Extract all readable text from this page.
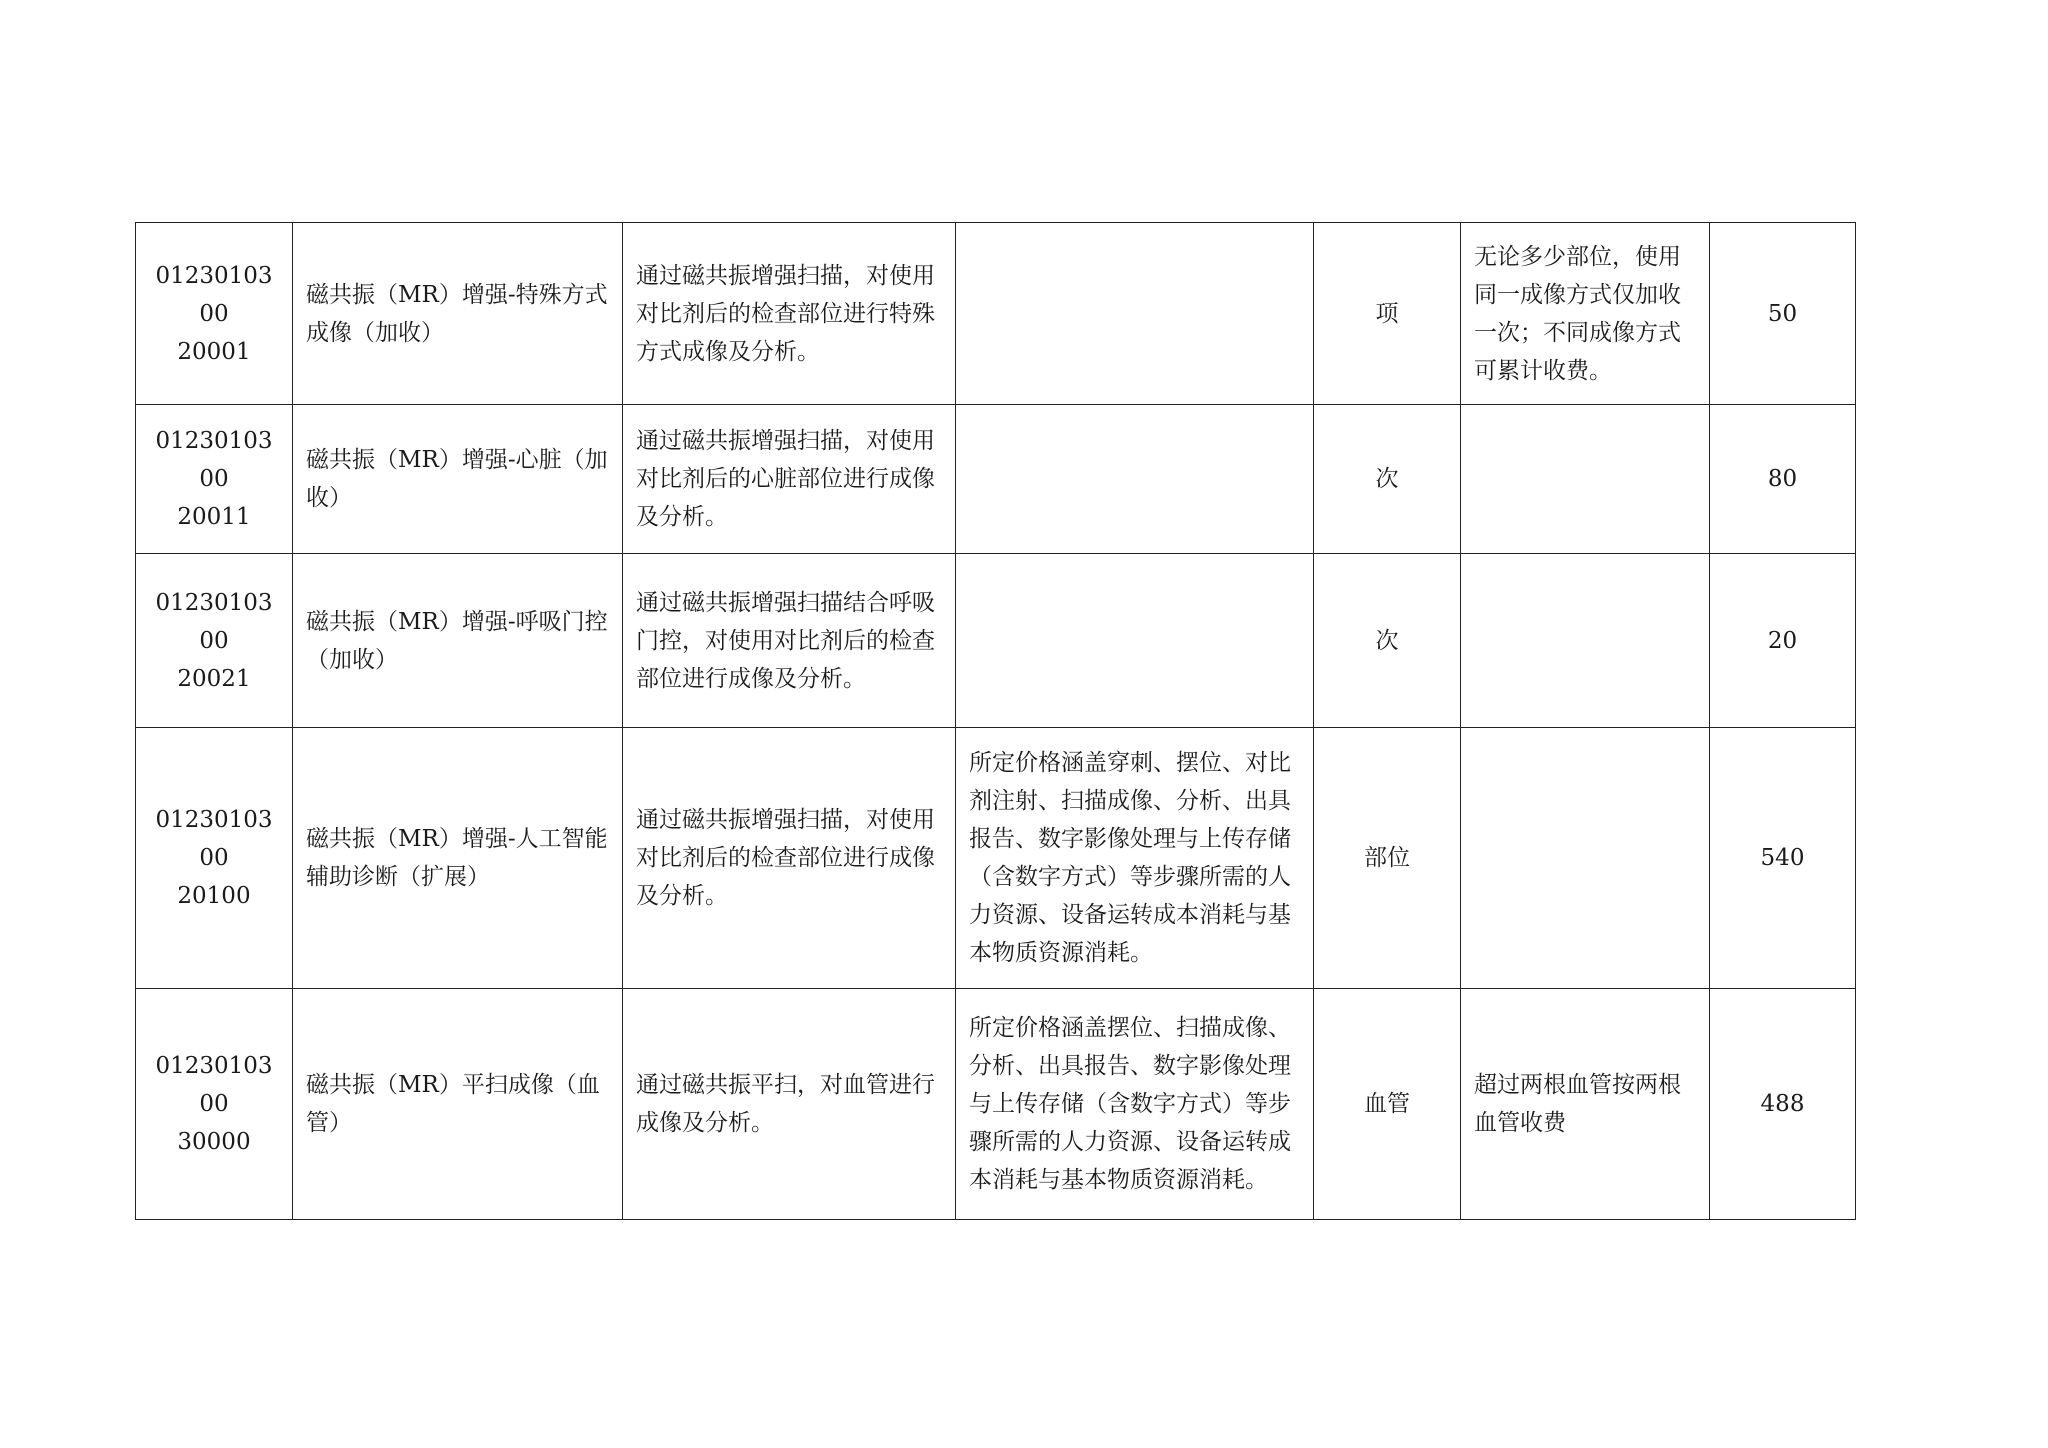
0123010300
20001	磁共振（MR）增强-特殊方式成像（加收）	通过磁共振增强扫描，对使用对比剂后的检查部位进行特殊方式成像及分析。		项	无论多少部位，使用同一成像方式仅加收一次；不同成像方式可累计收费。	50

0123010300
20011	磁共振（MR）增强-心脏（加收）	通过磁共振增强扫描，对使用对比剂后的心脏部位进行成像及分析。		次		80

0123010300
20021	磁共振（MR）增强-呼吸门控（加收）	通过磁共振增强扫描结合呼吸门控，对使用对比剂后的检查部位进行成像及分析。		次		20

0123010300
20100	磁共振（MR）增强-人工智能辅助诊断（扩展）	通过磁共振增强扫描，对使用对比剂后的检查部位进行成像及分析。	所定价格涵盖穿刺、摆位、对比剂注射、扫描成像、分析、出具报告、数字影像处理与上传存储（含数字方式）等步骤所需的人力资源、设备运转成本消耗与基本物质资源消耗。	部位		540

0123010300
30000	磁共振（MR）平扫成像（血管）	通过磁共振平扫，对血管进行成像及分析。	所定价格涵盖摆位、扫描成像、分析、出具报告、数字影像处理与上传存储（含数字方式）等步骤所需的人力资源、设备运转成本消耗与基本物质资源消耗。	血管	超过两根血管按两根血管收费	488
